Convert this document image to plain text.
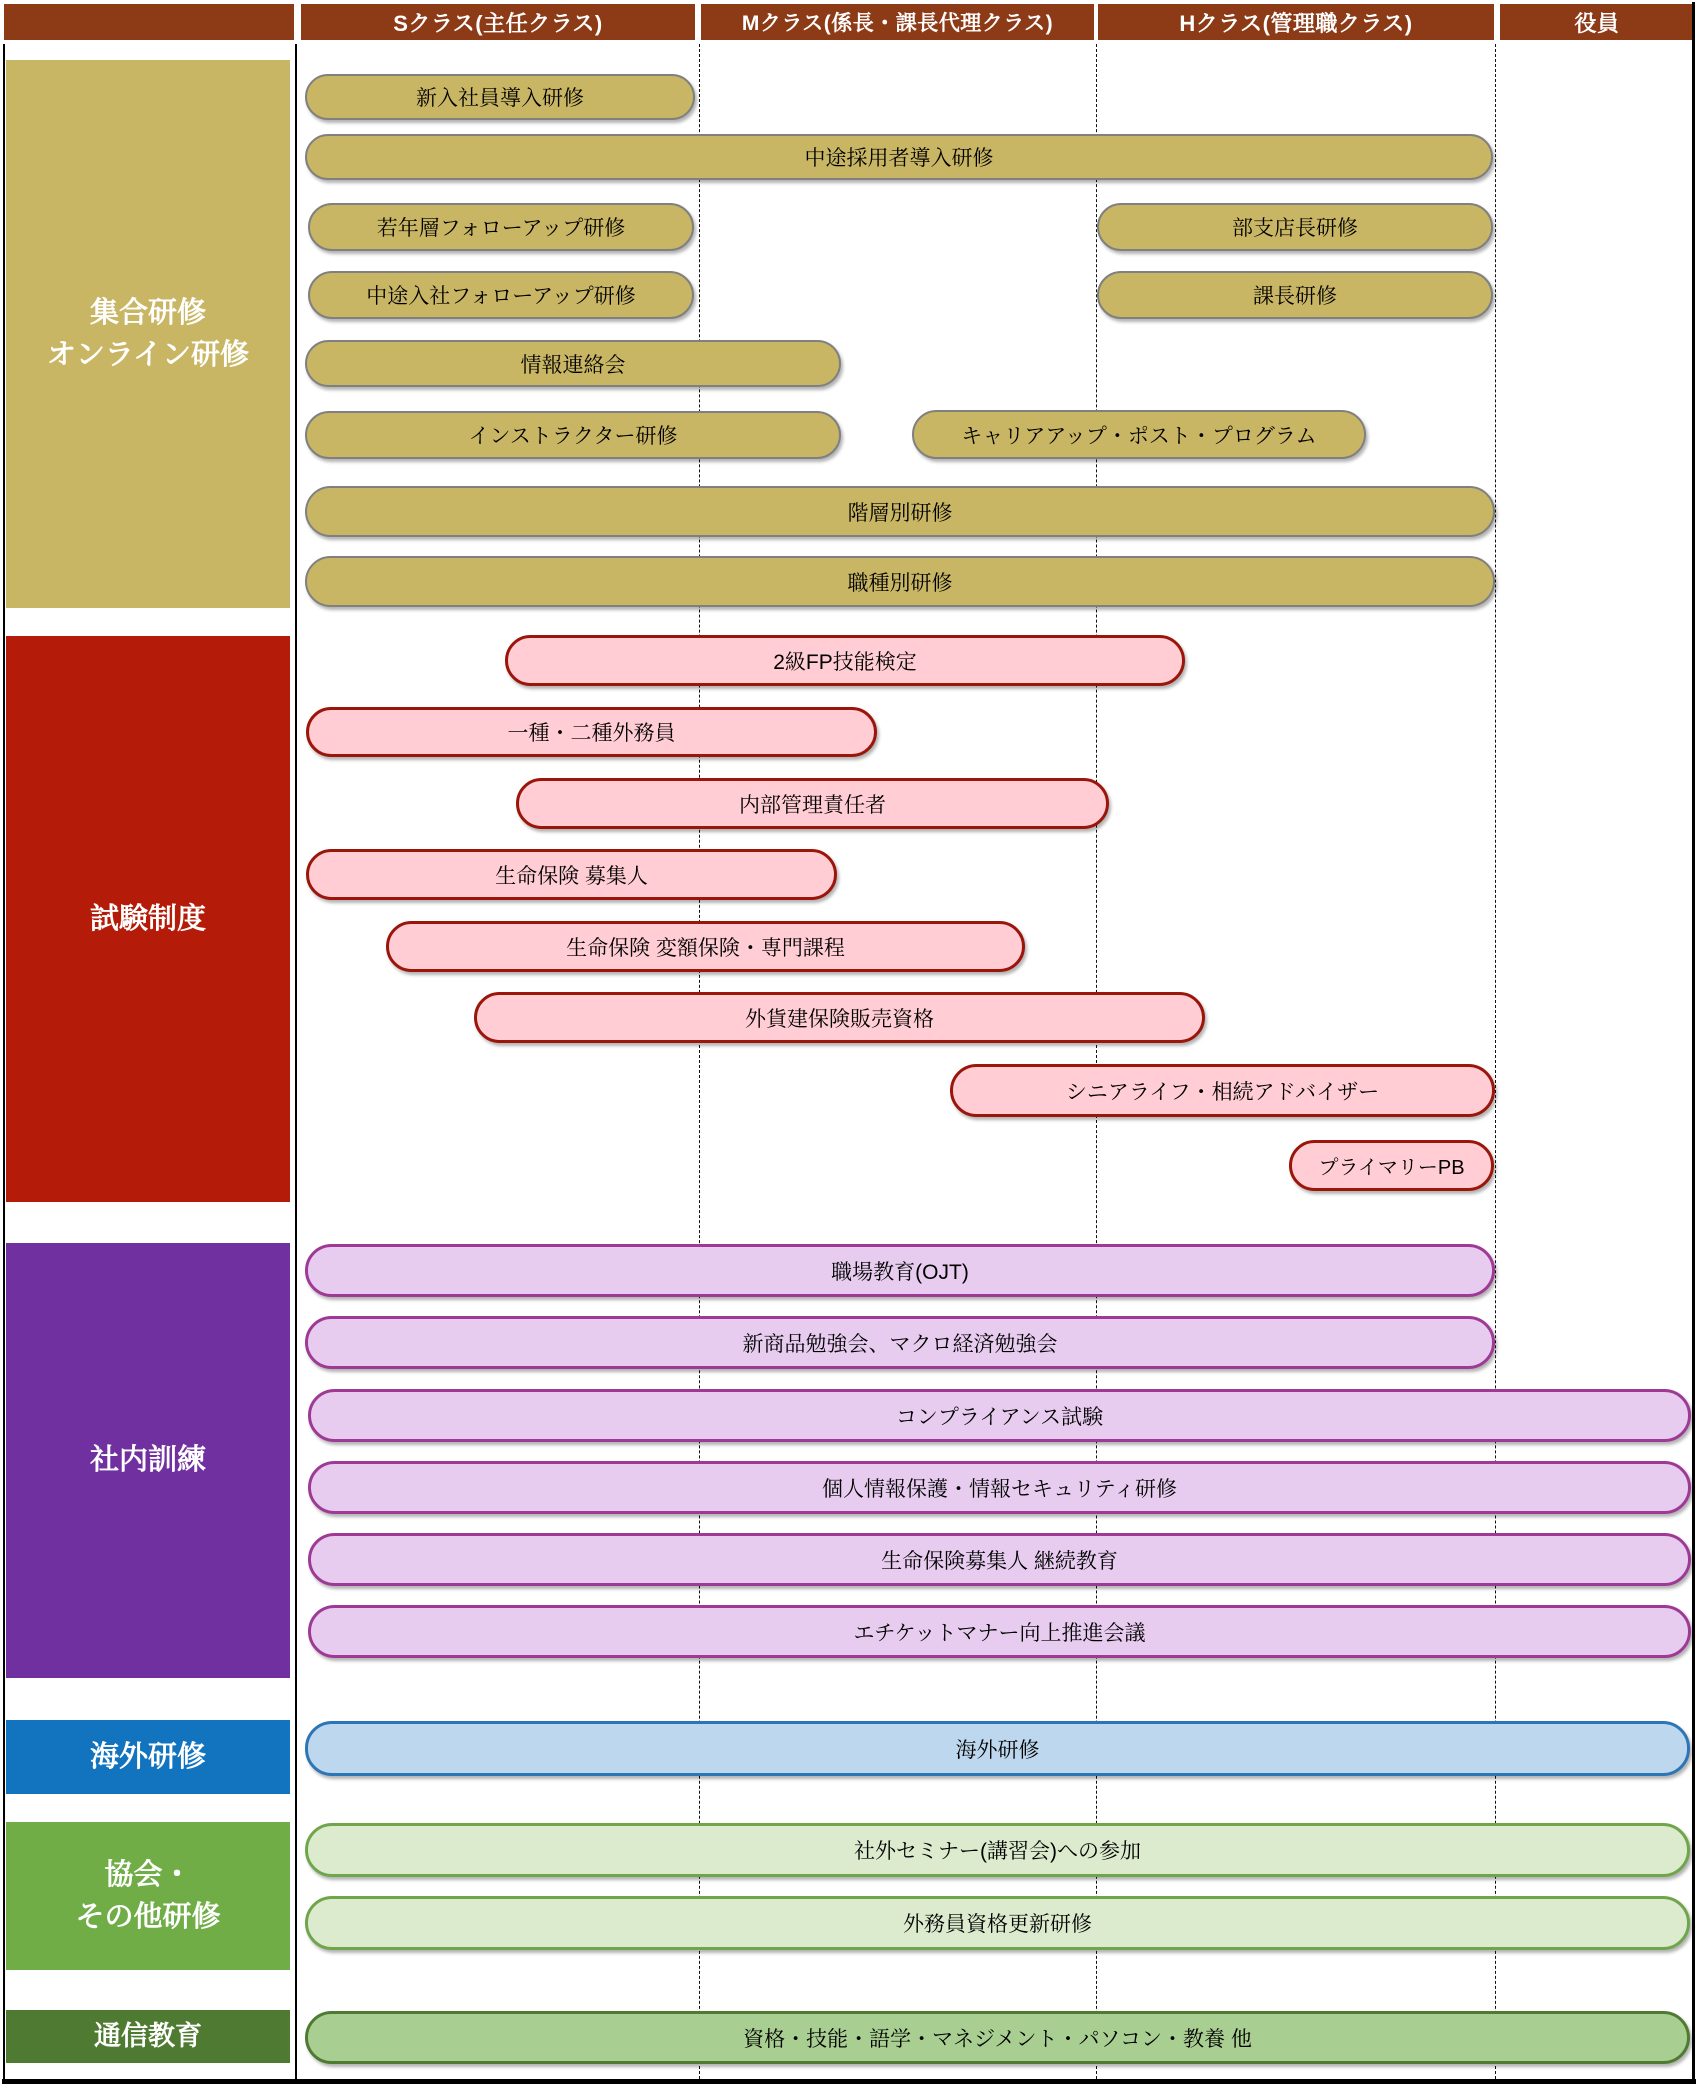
Sクラス(主任クラス)	Mクラス(係長・課長代理クラス)	Hクラス(管理職クラス)	役員
集合研修
オンライン研修
試験制度
社内訓練
海外研修
協会・
その他研修
通信教育
新入社員導入研修
中途採用者導入研修
若年層フォローアップ研修	部支店長研修
中途入社フォローアップ研修	課長研修
情報連絡会
インストラクター研修	キャリアアップ・ポスト・プログラム
階層別研修
職種別研修
2級FP技能検定
一種・二種外務員
内部管理責任者
生命保険 募集人
生命保険 変額保険・専門課程
外貨建保険販売資格
シニアライフ・相続アドバイザー
プライマリーPB
職場教育(OJT)
新商品勉強会、マクロ経済勉強会
コンプライアンス試験
個人情報保護・情報セキュリティ研修
生命保険募集人 継続教育
エチケットマナー向上推進会議
海外研修
社外セミナー(講習会)への参加
外務員資格更新研修
資格・技能・語学・マネジメント・パソコン・教養 他
